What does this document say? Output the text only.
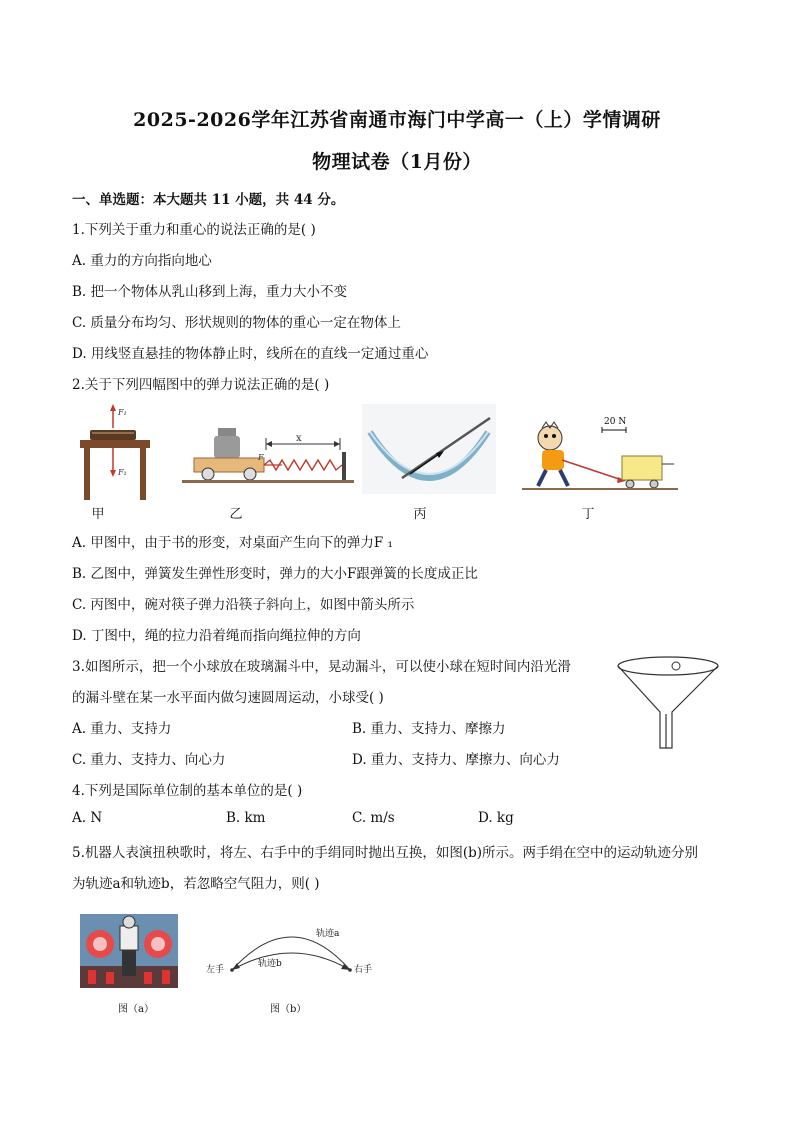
2025-2026学年江苏省南通市海门中学高一（上）学情调研
物理试卷（1月份）
一、单选题：本大题共 11 小题，共 44 分。
1.下列关于重力和重心的说法正确的是( )
A. 重力的方向指向地心
B. 把一个物体从乳山移到上海，重力大小不变
C. 质量分布均匀、形状规则的物体的重心一定在物体上
D. 用线竖直悬挂的物体静止时，线所在的直线一定通过重心
2.关于下列四幅图中的弹力说法正确的是( )
F₁
F₁
甲
x
F
乙	丙
20 N
丁
A. 甲图中，由于书的形变，对桌面产生向下的弹力F ₁
B. 乙图中，弹簧发生弹性形变时，弹力的大小F跟弹簧的长度成正比
C. 丙图中，碗对筷子弹力沿筷子斜向上，如图中箭头所示
D. 丁图中，绳的拉力沿着绳而指向绳拉伸的方向
3.如图所示，把一个小球放在玻璃漏斗中，晃动漏斗，可以使小球在短时间内沿光滑
的漏斗壁在某一水平面内做匀速圆周运动，小球受( )
A. 重力、支持力	B. 重力、支持力、摩擦力
C. 重力、支持力、向心力	D. 重力、支持力、摩擦力、向心力
4.下列是国际单位制的基本单位的是( )
A. N	B. km	C. m/s	D. kg
5.机器人表演扭秧歌时，将左、右手中的手绢同时抛出互换，如图(b)所示。两手绢在空中的运动轨迹分别
为轨迹a和轨迹b，若忽略空气阻力，则( )
图（a）
左手	右手
轨迹a
轨迹b
图（b）
